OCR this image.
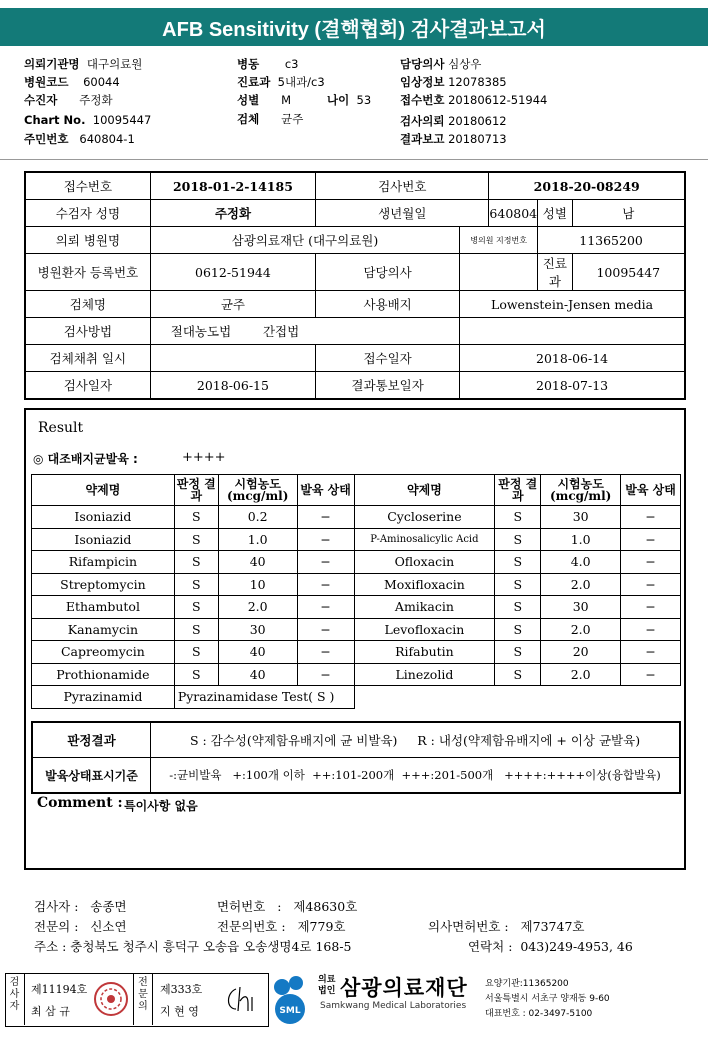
AFB Sensitivity (결핵협회) 검사결과보고서
의뢰기관명 대구의료원
병원코드 60044
수진자 주정화
Chart No. 10095447
주민번호 640804-1
병동 c3
진료과 5내과/c3
성별 M	나이 53
검체 균주
담당의사 심상우
임상정보 12078385
접수번호 20180612-51944
검사의뢰 20180612
결과보고 20180713
접수번호	2018-01-2-14185	검사번호		2018-20-08249		
수검자 성명	주정화	생년월일		640804	성별	남
의뢰 병원명	삼광의료재단 (대구의료원)		병의원 지정번호		11365200	
병원환자 등록번호	0612-51944	담당의사			진료과	10095447
검체명	균주	사용배지	Lowenstein-Jensen media			
검사방법	절대농도법 간접법					
검체채취 일시		접수일자	2018-06-14			
검사일자	2018-06-15	결과통보일자	2018-07-13			
Result
◎ 대조배지균발육 :	++++
약제명	판정 결과	시험농도 (mcg/ml)	발육 상태	약제명	판정 결과	시험농도 (mcg/ml)	발육 상태
Isoniazid	S	0.2	−	Cycloserine	S	30	−
Isoniazid	S	1.0	−	P-Aminosalicylic Acid	S	1.0	−
Rifampicin	S	40	−	Ofloxacin	S	4.0	−
Streptomycin	S	10	−	Moxifloxacin	S	2.0	−
Ethambutol	S	2.0	−	Amikacin	S	30	−
Kanamycin	S	30	−	Levofloxacin	S	2.0	−
Capreomycin	S	40	−	Rifabutin	S	20	−
Prothionamide	S	40	−	Linezolid	S	2.0	−
Pyrazinamid	Pyrazinamidase Test( S )						
판정결과	S : 감수성(약제함유배지에 균 비발육) R : 내성(약제함유배지에 + 이상 균발육)
발육상태표시기준	-:균비발육   +:100개 이하  ++:101-200개  +++:201-500개   ++++:++++이상(융합발육)
Comment : 특이사항 없음
검사자 :   송종면	면허번호   :   제48630호
전문의 :   신소연	전문의번호 :   제779호	의사면허번호 :   제73747호
주소 : 충청북도 청주시 흥덕구 오송읍 오송생명4로 168-5	연락처 :  043)249-4953, 46
검사자
제11194호
최 삼 규
전문의
제333호
지 현 영	SML
의료
법인 삼광의료재단
Samkwang Medical Laboratories
요양기관:11365200
서울특별시 서초구 양재동 9-60
대표번호 : 02-3497-5100
